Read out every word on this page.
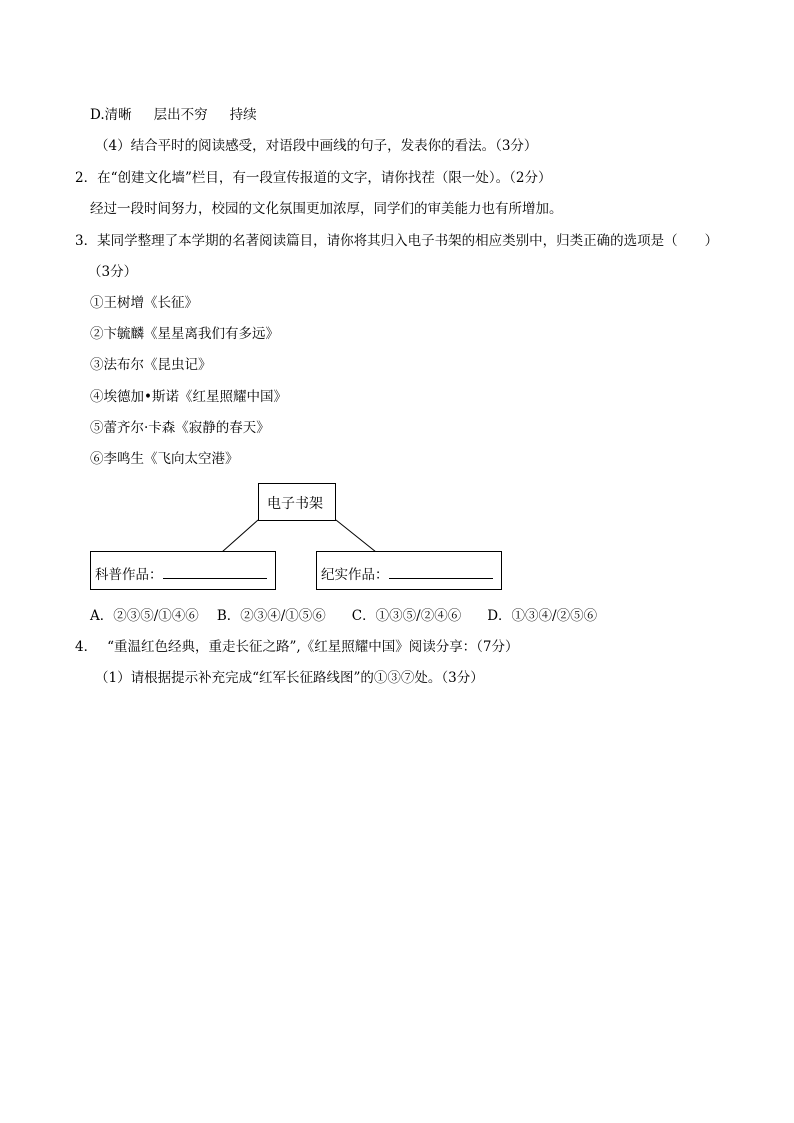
D.清晰 层出不穷 持续
（4）结合平时的阅读感受，对语段中画线的句子，发表你的看法。（3分）
2．在“创建文化墙”栏目，有一段宣传报道的文字，请你找茬（限一处）。（2分）
经过一段时间努力，校园的文化氛围更加浓厚，同学们的审美能力也有所增加。
3．某同学整理了本学期的名著阅读篇目，请你将其归入电子书架的相应类别中，归类正确的选项是（　　）
（3分）
①王树增《长征》
②卞毓麟《星星离我们有多远》
③法布尔《昆虫记》
④埃德加•斯诺《红星照耀中国》
⑤蕾齐尔·卡森《寂静的春天》
⑥李鸣生《飞向太空港》
电子书架
科普作品：	纪实作品：
A．②③⑤/①④⑥ B．②③④/①⑤⑥ C．①③⑤/②④⑥ D．①③④/②⑤⑥
4． “重温红色经典，重走长征之路”,《红星照耀中国》阅读分享：（7分）
（1）请根据提示补充完成“红军长征路线图”的①③⑦处。（3分）
